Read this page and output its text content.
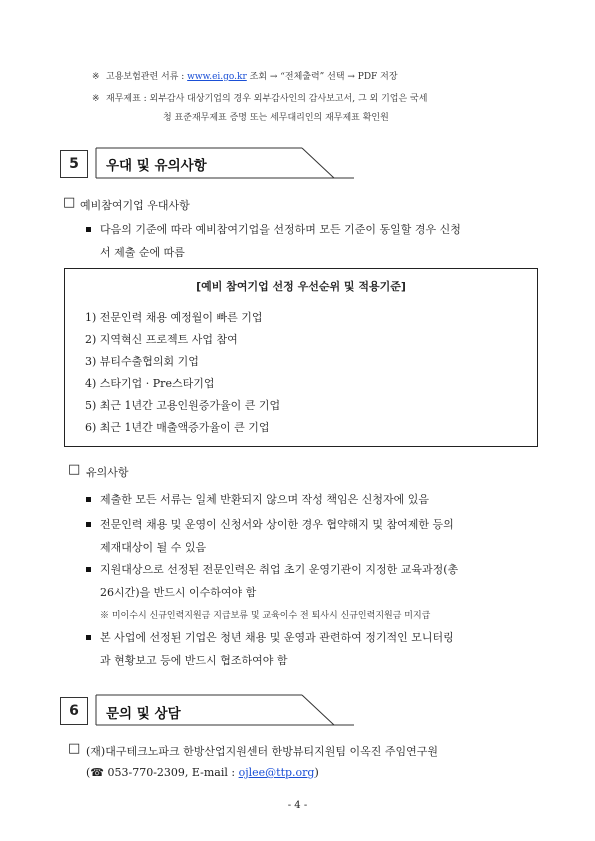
※ 고용보험관련 서류 : www.ei.go.kr 조회 → “전체출력” 선택 → PDF 저장
※ 재무제표 : 외부감사 대상기업의 경우 외부감사인의 감사보고서, 그 외 기업은 국세
청 표준재무제표 증명 또는 세무대리인의 재무제표 확인원
5	우대 및 유의사항
□ 예비참여기업 우대사항
다음의 기준에 따라 예비참여기업을 선정하며 모든 기준이 동일할 경우 신청
서 제출 순에 따름
[예비 참여기업 선정 우선순위 및 적용기준]
1) 전문인력 채용 예정월이 빠른 기업
2) 지역혁신 프로젝트 사업 참여
3) 뷰티수출협의회 기업
4) 스타기업 · Pre스타기업
5) 최근 1년간 고용인원증가율이 큰 기업
6) 최근 1년간 매출액증가율이 큰 기업
□ 유의사항
제출한 모든 서류는 일체 반환되지 않으며 작성 책임은 신청자에 있음
전문인력 채용 및 운영이 신청서와 상이한 경우 협약해지 및 참여제한 등의
제재대상이 될 수 있음
지원대상으로 선정된 전문인력은 취업 초기 운영기관이 지정한 교육과정(총
26시간)을 반드시 이수하여야 함
※ 미이수시 신규인력지원금 지급보류 및 교육이수 전 퇴사시 신규인력지원금 미지급
본 사업에 선정된 기업은 청년 채용 및 운영과 관련하여 정기적인 모니터링
과 현황보고 등에 반드시 협조하여야 함
6	문의 및 상담
□ (재)대구테크노파크 한방산업지원센터 한방뷰티지원팀 이옥진 주임연구원
(☎ 053-770-2309, E-mail : ojlee@ttp.org)
- 4 -
